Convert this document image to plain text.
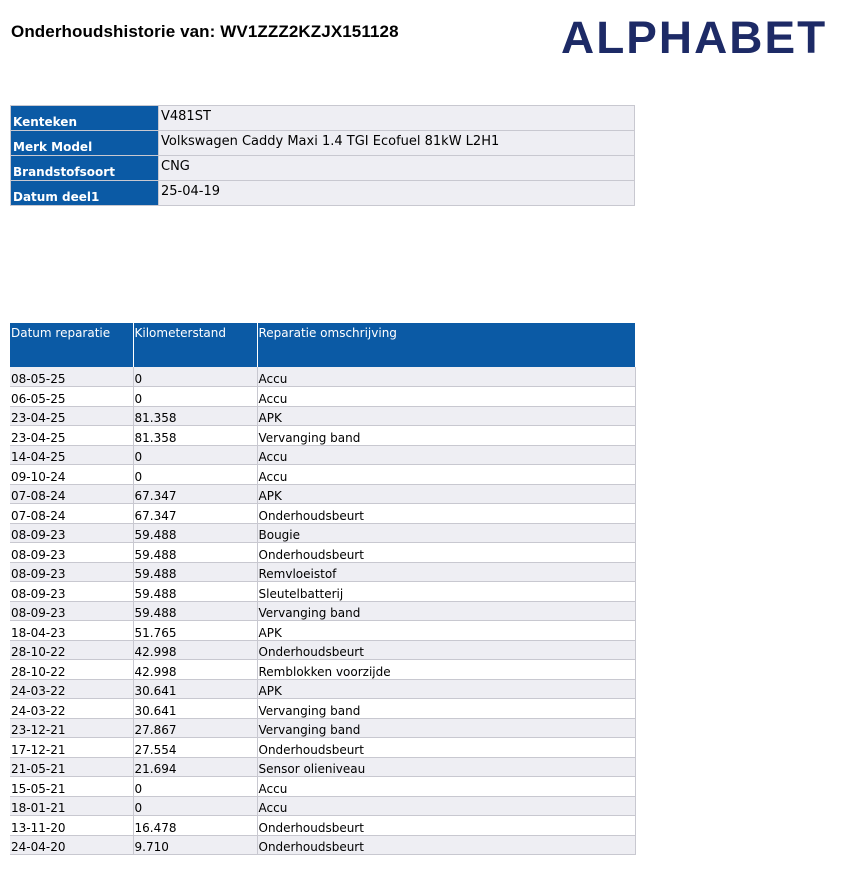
Onderhoudshistorie van: WV1ZZZ2KZJX151128	ALPHABET
Kenteken	V481ST
Merk Model	Volkswagen Caddy Maxi 1.4 TGI Ecofuel 81kW L2H1
Brandstofsoort	CNG
Datum deel1	25-04-19
Datum reparatie	Kilometerstand	Reparatie omschrijving
08-05-25	0	Accu
06-05-25	0	Accu
23-04-25	81.358	APK
23-04-25	81.358	Vervanging band
14-04-25	0	Accu
09-10-24	0	Accu
07-08-24	67.347	APK
07-08-24	67.347	Onderhoudsbeurt
08-09-23	59.488	Bougie
08-09-23	59.488	Onderhoudsbeurt
08-09-23	59.488	Remvloeistof
08-09-23	59.488	Sleutelbatterij
08-09-23	59.488	Vervanging band
18-04-23	51.765	APK
28-10-22	42.998	Onderhoudsbeurt
28-10-22	42.998	Remblokken voorzijde
24-03-22	30.641	APK
24-03-22	30.641	Vervanging band
23-12-21	27.867	Vervanging band
17-12-21	27.554	Onderhoudsbeurt
21-05-21	21.694	Sensor olieniveau
15-05-21	0	Accu
18-01-21	0	Accu
13-11-20	16.478	Onderhoudsbeurt
24-04-20	9.710	Onderhoudsbeurt
